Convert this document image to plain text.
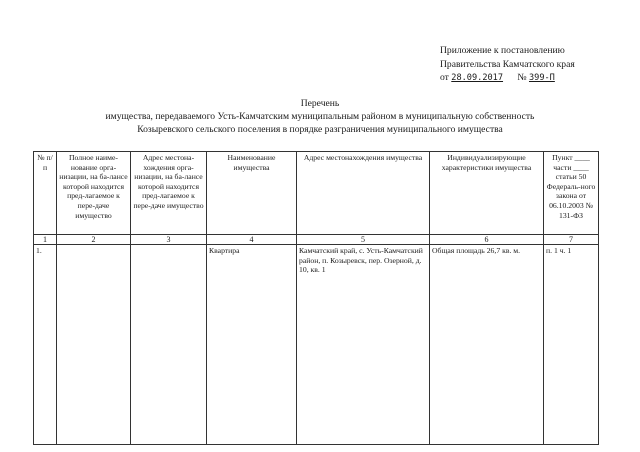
Приложение к постановлению
Правительства Камчатского края
от 28.09.2017 № 399-П
Перечень
имущества, передаваемого Усть-Камчатским муниципальным районом в муниципальную собственность
Козыревского сельского поселения в порядке разграничения муниципального имущества
№ п/п	Полное наиме-нование орга-низации, на ба-лансе которой находится пред-лагаемое к пере-даче имущество	Адрес местона-хождения орга-низации, на ба-лансе которой находится пред-лагаемое к пере-даче имущество	Наименование имущества	Адрес местонахождения имущества	Индивидуализирующие характеристики имущества	Пункт ____ части ____ статьи 50 Федераль-ного закона от 06.10.2003 № 131-ФЗ
1	2	3	4	5	6	7
1.			Квартира	Камчатский край, с. Усть-Камчатский район, п. Козыревск, пер. Озерной, д. 10, кв. 1	Общая площадь 26,7 кв. м.	п. 1 ч. 1
